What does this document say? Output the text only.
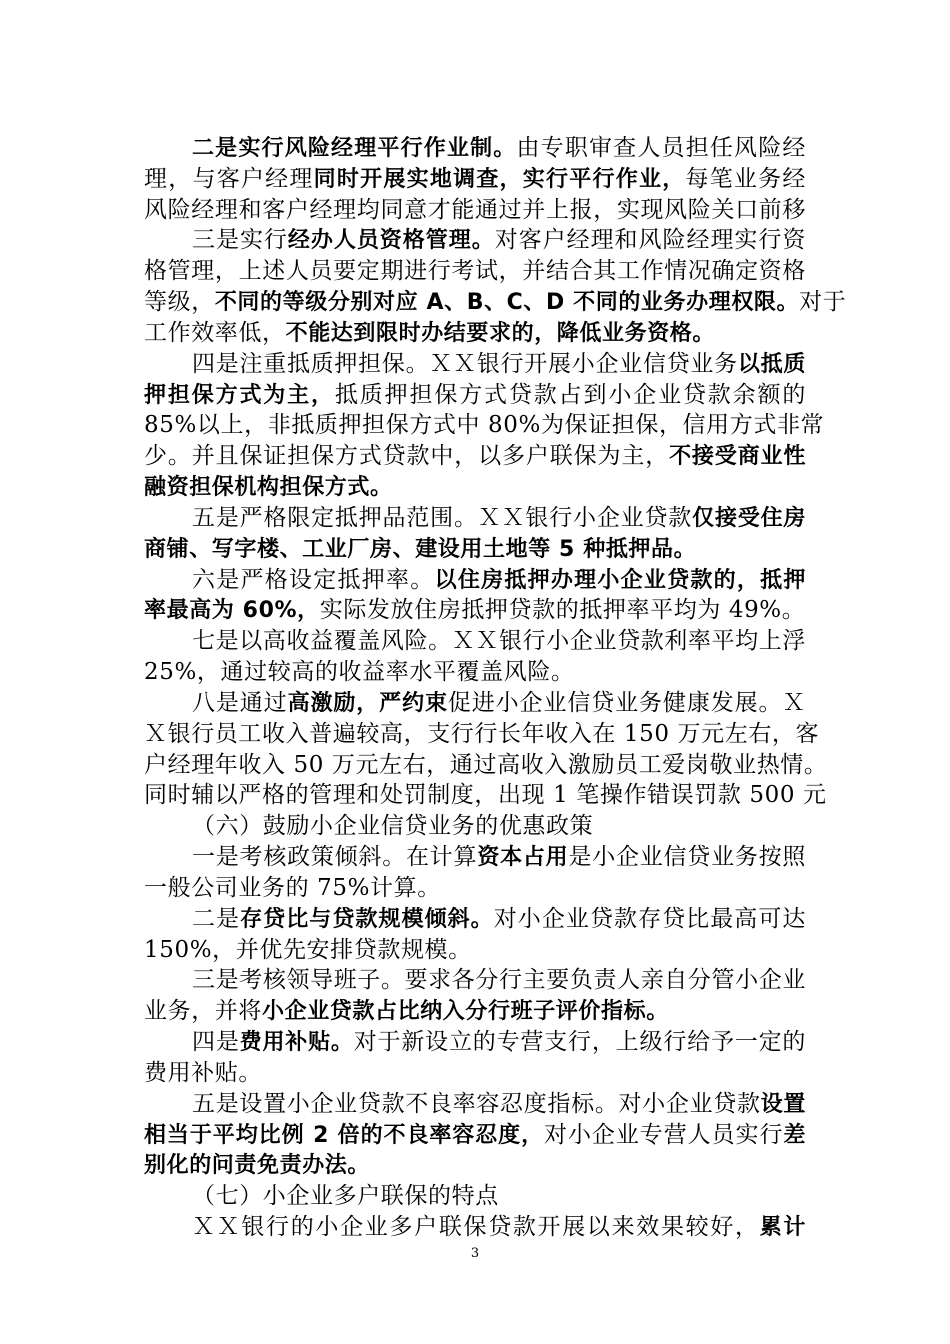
二是实行风险经理平行作业制。由专职审查人员担任风险经
理，与客户经理同时开展实地调查，实行平行作业，每笔业务经
风险经理和客户经理均同意才能通过并上报，实现风险关口前移
三是实行经办人员资格管理。对客户经理和风险经理实行资
格管理，上述人员要定期进行考试，并结合其工作情况确定资格
等级，不同的等级分别对应 A、B、C、D 不同的业务办理权限。对于
工作效率低，不能达到限时办结要求的，降低业务资格。
四是注重抵质押担保。ＸＸ银行开展小企业信贷业务以抵质
押担保方式为主，抵质押担保方式贷款占到小企业贷款余额的
85%以上，非抵质押担保方式中 80%为保证担保，信用方式非常
少。并且保证担保方式贷款中，以多户联保为主，不接受商业性
融资担保机构担保方式。
五是严格限定抵押品范围。ＸＸ银行小企业贷款仅接受住房
商铺、写字楼、工业厂房、建设用土地等 5 种抵押品。
六是严格设定抵押率。以住房抵押办理小企业贷款的，抵押
率最高为 60%，实际发放住房抵押贷款的抵押率平均为 49%。
七是以高收益覆盖风险。ＸＸ银行小企业贷款利率平均上浮
25%，通过较高的收益率水平覆盖风险。
八是通过高激励，严约束促进小企业信贷业务健康发展。Ｘ
Ｘ银行员工收入普遍较高，支行行长年收入在 150 万元左右，客
户经理年收入 50 万元左右，通过高收入激励员工爱岗敬业热情。
同时辅以严格的管理和处罚制度，出现 1 笔操作错误罚款 500 元
（六）鼓励小企业信贷业务的优惠政策
一是考核政策倾斜。在计算资本占用是小企业信贷业务按照
一般公司业务的 75%计算。
二是存贷比与贷款规模倾斜。对小企业贷款存贷比最高可达
150%，并优先安排贷款规模。
三是考核领导班子。要求各分行主要负责人亲自分管小企业
业务，并将小企业贷款占比纳入分行班子评价指标。
四是费用补贴。对于新设立的专营支行，上级行给予一定的
费用补贴。
五是设置小企业贷款不良率容忍度指标。对小企业贷款设置
相当于平均比例 2 倍的不良率容忍度，对小企业专营人员实行差
别化的问责免责办法。
（七）小企业多户联保的特点
ＸＸ银行的小企业多户联保贷款开展以来效果较好，累计
3
